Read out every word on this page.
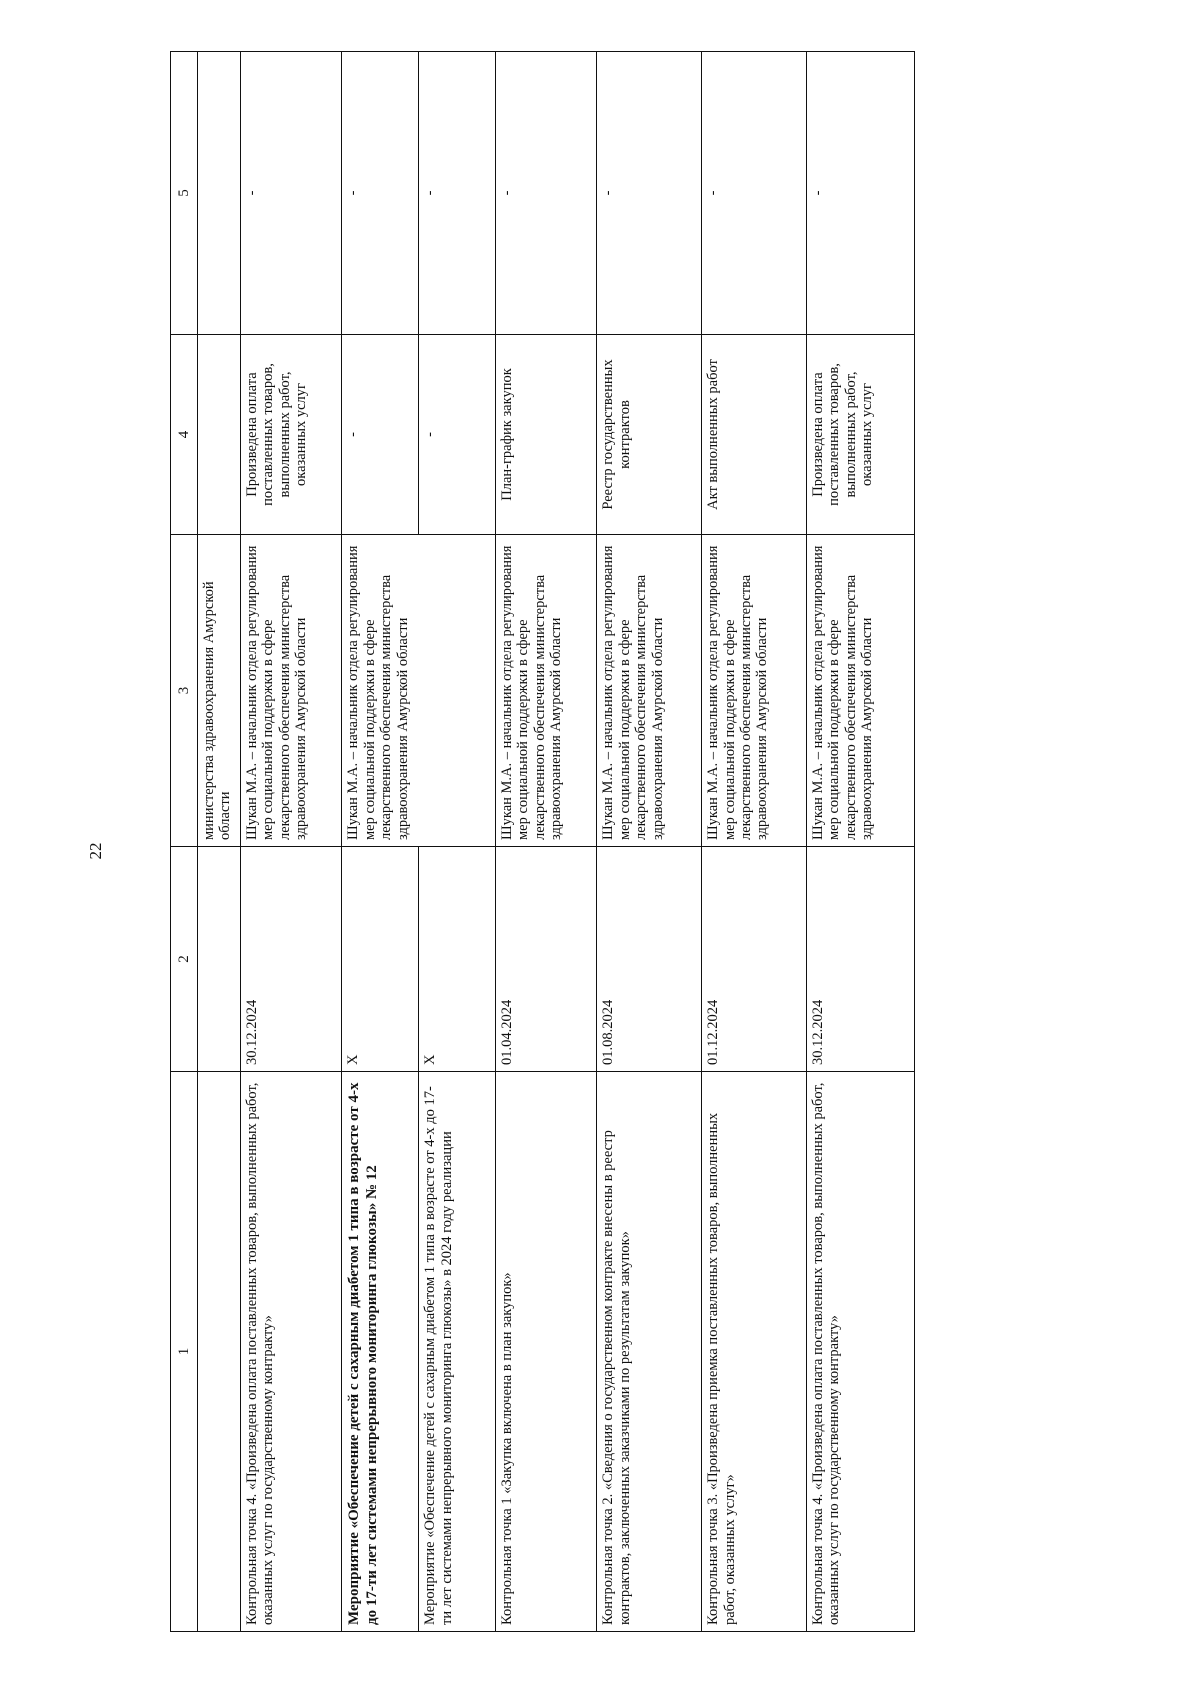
22
1	2	3	4	5
		министерства здравоохранения Амурской области		
Контрольная точка 4. «Произведена оплата поставленных товаров, выполненных работ, оказанных услуг по государственному контракту»	30.12.2024	Шукан М.А. – начальник отдела регулирования мер социальной поддержки в сфере лекарственного обеспечения министерства здравоохранения Амурской области	Произведена оплата поставленных товаров, выполненных работ, оказанных услуг	-
Мероприятие «Обеспечение детей с сахарным диабетом 1 типа в возрасте от 4-х до 17-ти лет системами непрерывного мониторинга глюкозы» № 12	Х	Шукан М.А. – начальник отдела регулирования мер социальной поддержки в сфере лекарственного обеспечения министерства здравоохранения Амурской области	-	-
Мероприятие «Обеспечение детей с сахарным диабетом 1 типа в возрасте от 4-х до 17-ти лет системами непрерывного мониторинга глюкозы» в 2024 году реализации	Х		-	-
Контрольная точка 1 «Закупка включена в план закупок»	01.04.2024	Шукан М.А. – начальник отдела регулирования мер социальной поддержки в сфере лекарственного обеспечения министерства здравоохранения Амурской области	План-график закупок	-
Контрольная точка 2. «Сведения о государственном контракте внесены в реестр контрактов, заключенных заказчиками по результатам закупок»	01.08.2024	Шукан М.А. – начальник отдела регулирования мер социальной поддержки в сфере лекарственного обеспечения министерства здравоохранения Амурской области	Реестр государственных контрактов	-
Контрольная точка 3. «Произведена приемка поставленных товаров, выполненных работ, оказанных услуг»	01.12.2024	Шукан М.А. – начальник отдела регулирования мер социальной поддержки в сфере лекарственного обеспечения министерства здравоохранения Амурской области	Акт выполненных работ	-
Контрольная точка 4. «Произведена оплата поставленных товаров, выполненных работ, оказанных услуг по государственному контракту»	30.12.2024	Шукан М.А. – начальник отдела регулирования мер социальной поддержки в сфере лекарственного обеспечения министерства здравоохранения Амурской области	Произведена оплата поставленных товаров, выполненных работ, оказанных услуг	-
